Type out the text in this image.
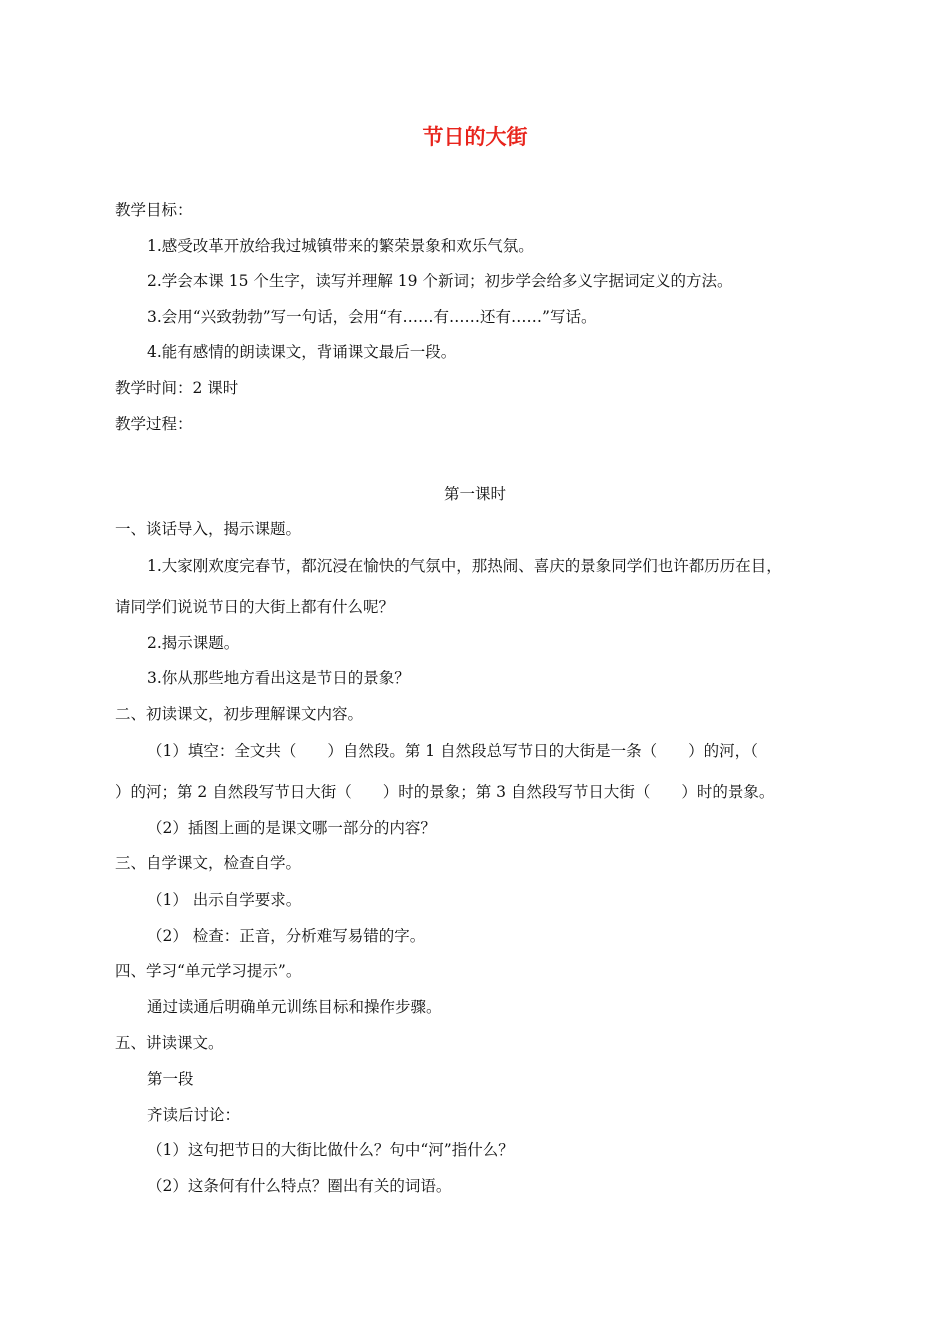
节日的大街
教学目标：
1.感受改革开放给我过城镇带来的繁荣景象和欢乐气氛。
2.学会本课 15 个生字，读写并理解 19 个新词；初步学会给多义字据词定义的方法。
3.会用“兴致勃勃”写一句话，会用“有……有……还有……”写话。
4.能有感情的朗读课文，背诵课文最后一段。
教学时间：2 课时
教学过程：
第一课时
一、谈话导入，揭示课题。
1.大家刚欢度完春节，都沉浸在愉快的气氛中，那热闹、喜庆的景象同学们也许都历历在目，
请同学们说说节日的大街上都有什么呢？
2.揭示课题。
3.你从那些地方看出这是节日的景象？
二、初读课文，初步理解课文内容。
（1）填空：全文共（　　）自然段。第 1 自然段总写节日的大街是一条（　　）的河，（
）的河；第 2 自然段写节日大街（　　）时的景象；第 3 自然段写节日大街（　　）时的景象。
（2）插图上画的是课文哪一部分的内容？
三、自学课文，检查自学。
（1） 出示自学要求。
（2） 检查：正音，分析难写易错的字。
四、学习“单元学习提示”。
通过读通后明确单元训练目标和操作步骤。
五、讲读课文。
第一段
齐读后讨论：
（1）这句把节日的大街比做什么？句中“河”指什么？
（2）这条何有什么特点？圈出有关的词语。
